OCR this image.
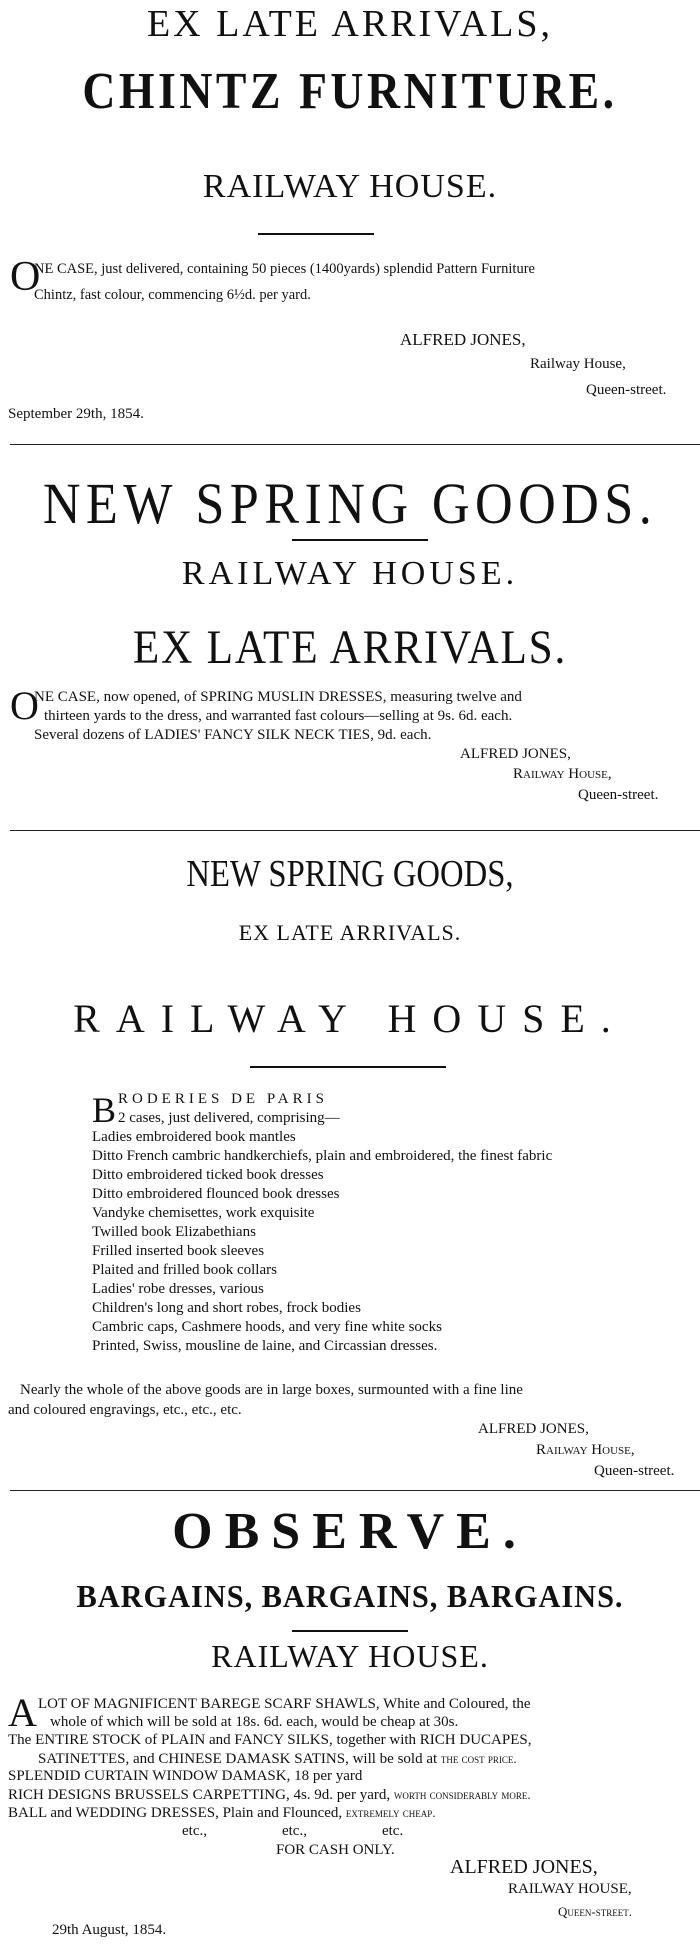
EX LATE ARRIVALS,
CHINTZ FURNITURE.
RAILWAY HOUSE.
O
NE CASE, just delivered, containing 50 pieces (1400yards) splendid Pattern Furniture
Chintz, fast colour, commencing 6½d. per yard.
ALFRED JONES,
Railway House,
Queen-street.
September 29th, 1854.
NEW SPRING GOODS.
RAILWAY HOUSE.
EX LATE ARRIVALS.
O
NE CASE, now opened, of SPRING MUSLIN DRESSES, measuring twelve and
thirteen yards to the dress, and warranted fast colours—selling at 9s. 6d. each.
Several dozens of LADIES' FANCY SILK NECK TIES, 9d. each.
ALFRED JONES,
Railway House,
Queen-street.
NEW SPRING GOODS,
EX LATE ARRIVALS.
RAILWAY HOUSE.
B RODERIES DE PARIS
2 cases, just delivered, comprising—
Ladies embroidered book mantles
Ditto French cambric handkerchiefs, plain and embroidered, the finest fabric
Ditto embroidered ticked book dresses
Ditto embroidered flounced book dresses
Vandyke chemisettes, work exquisite
Twilled book Elizabethians
Frilled inserted book sleeves
Plaited and frilled book collars
Ladies' robe dresses, various
Children's long and short robes, frock bodies
Cambric caps, Cashmere hoods, and very fine white socks
Printed, Swiss, mousline de laine, and Circassian dresses.
Nearly the whole of the above goods are in large boxes, surmounted with a fine line
and coloured engravings, etc., etc., etc.
ALFRED JONES,
Railway House,
Queen-street.
OBSERVE.
BARGAINS, BARGAINS, BARGAINS.
RAILWAY HOUSE.
A LOT OF MAGNIFICENT BAREGE SCARF SHAWLS, White and Coloured, the
whole of which will be sold at 18s. 6d. each, would be cheap at 30s.
The ENTIRE STOCK of PLAIN and FANCY SILKS, together with RICH DUCAPES,
SATINETTES, and CHINESE DAMASK SATINS, will be sold at the cost price.
SPLENDID CURTAIN WINDOW DAMASK, 18 per yard
RICH DESIGNS BRUSSELS CARPETTING, 4s. 9d. per yard, worth considerably more.
BALL and WEDDING DRESSES, Plain and Flounced, extremely cheap.
etc.,                    etc.,                    etc.
FOR CASH ONLY.
ALFRED JONES,
RAILWAY HOUSE,
Queen-street.
29th August, 1854.
